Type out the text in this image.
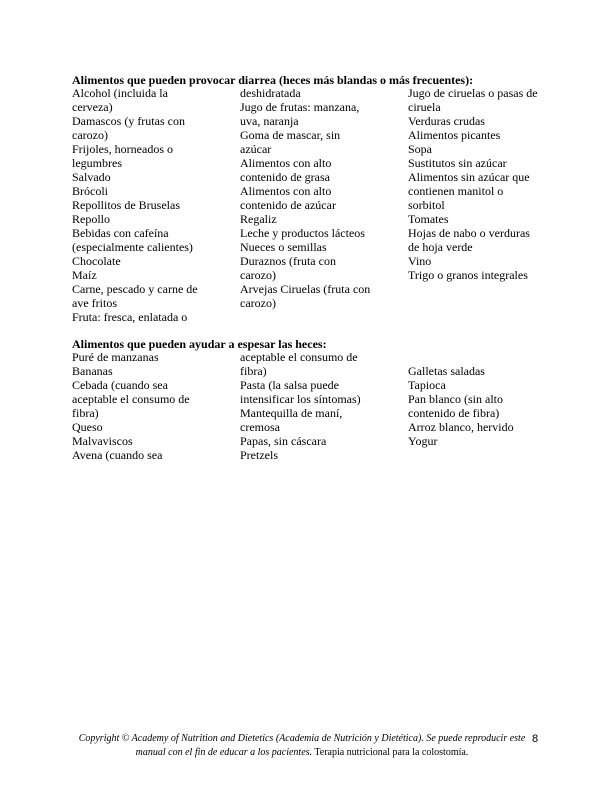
Alimentos que pueden provocar diarrea (heces más blandas o más frecuentes):
Alcohol (incluida la cerveza)
Damascos (y frutas con carozo)
Frijoles, horneados o legumbres
Salvado
Brócoli
Repollitos de Bruselas
Repollo
Bebidas con cafeína (especialmente calientes)
Chocolate
Maíz
Carne, pescado y carne de ave fritos
Fruta: fresca, enlatada o
deshidratada
Jugo de frutas: manzana, uva, naranja
Goma de mascar, sin azúcar
Alimentos con alto contenido de grasa
Alimentos con alto contenido de azúcar
Regaliz
Leche y productos lácteos
Nueces o semillas
Duraznos (fruta con carozo)
Arvejas Ciruelas (fruta con carozo)
Jugo de ciruelas o pasas de ciruela
Verduras crudas
Alimentos picantes
Sopa
Sustitutos sin azúcar
Alimentos sin azúcar que contienen manitol o sorbitol
Tomates
Hojas de nabo o verduras de hoja verde
Vino
Trigo o granos integrales
Alimentos que pueden ayudar a espesar las heces:
Puré de manzanas
Bananas
Cebada (cuando sea aceptable el consumo de fibra)
Queso
Malvaviscos
Avena (cuando sea
aceptable el consumo de fibra)
Pasta (la salsa puede intensificar los síntomas)
Mantequilla de maní, cremosa
Papas, sin cáscara
Pretzels

Galletas saladas
Tapioca
Pan blanco (sin alto contenido de fibra)
Arroz blanco, hervido
Yogur
Copyright © Academy of Nutrition and Dietetics (Academia de Nutrición y Dietética). Se puede reproducir este manual con el fin de educar a los pacientes. Terapia nutricional para la colostomía.
8
